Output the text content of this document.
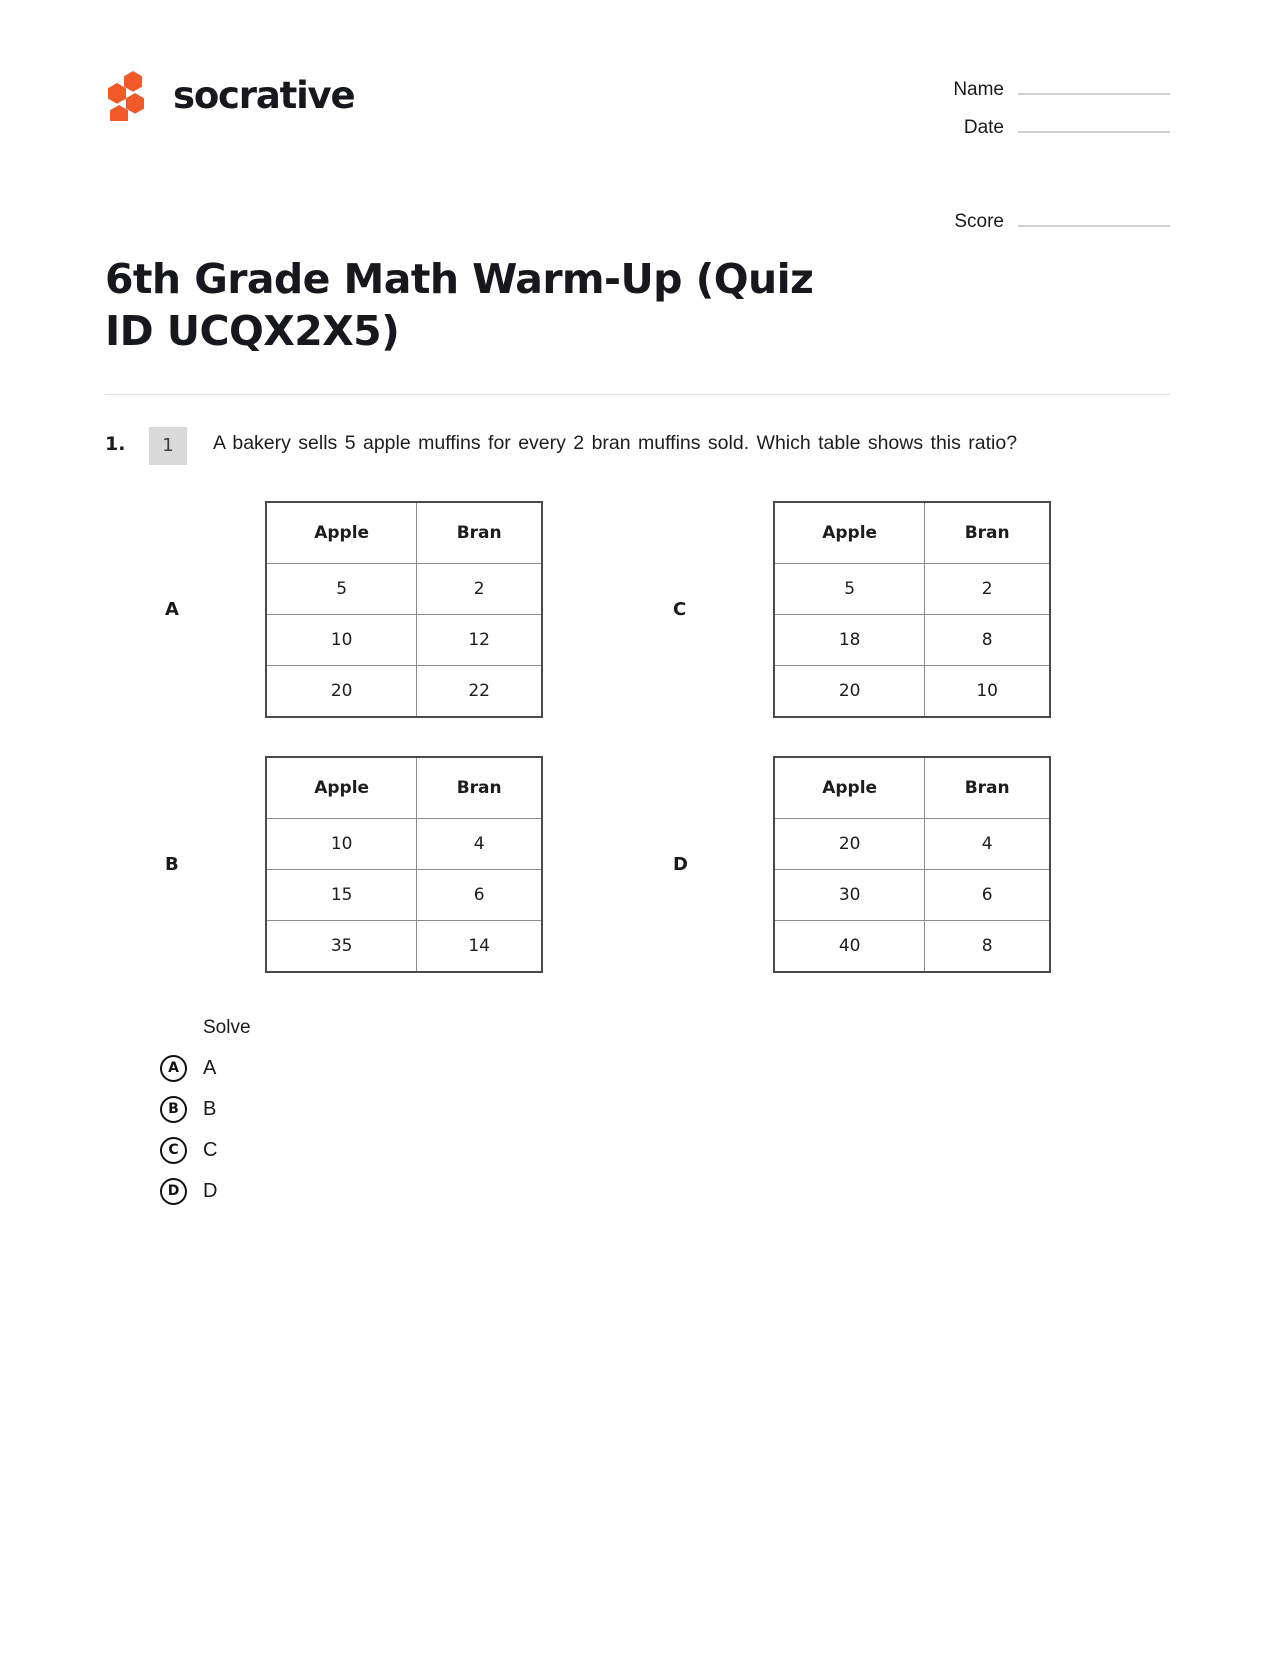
socrative	Name
Date
Score
6th Grade Math Warm-Up (Quiz ID UCQX2X5)
1.	1	A bakery sells 5 apple muffins for every 2 bran muffins sold. Which table shows this ratio?
A
Apple	Bran
5	2
10	12
20	22
C
Apple	Bran
5	2
18	8
20	10
B
Apple	Bran
10	4
15	6
35	14
D
Apple	Bran
20	4
30	6
40	8
Solve
A	A
B	B
C	C
D	D
